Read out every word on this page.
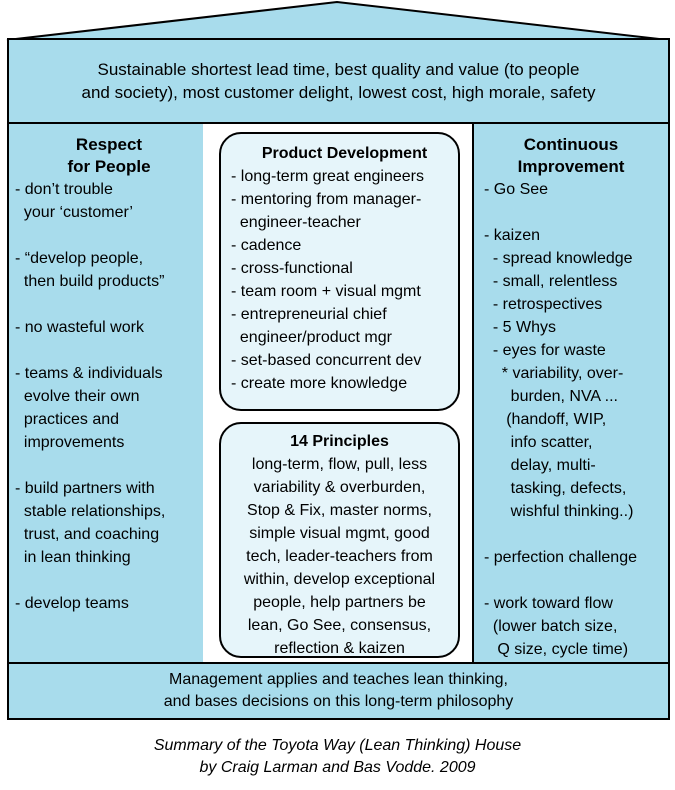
Sustainable shortest lead time, best quality and value (to people
and society), most customer delight, lowest cost, high morale, safety
Respect
for People
- don’t trouble
your ‘customer’
- “develop people,
then build products”
- no wasteful work
- teams & individuals
evolve their own
practices and
improvements
- build partners with
stable relationships,
trust, and coaching
in lean thinking
- develop teams
Product Development
- long-term great engineers
- mentoring from manager-
engineer-teacher
- cadence
- cross-functional
- team room + visual mgmt
- entrepreneurial chief
engineer/product mgr
- set-based concurrent dev
- create more knowledge
14 Principles
long-term, flow, pull, less
variability & overburden,
Stop & Fix, master norms,
simple visual mgmt, good
tech, leader-teachers from
within, develop exceptional
people, help partners be
lean, Go See, consensus,
reflection & kaizen
Continuous
Improvement
- Go See
- kaizen
- spread knowledge
- small, relentless
- retrospectives
- 5 Whys
- eyes for waste
* variability, over-
burden, NVA ...
(handoff, WIP,
info scatter,
delay, multi-
tasking, defects,
wishful thinking..)
- perfection challenge
- work toward flow
(lower batch size,
Q size, cycle time)
Management applies and teaches lean thinking,
and bases decisions on this long-term philosophy
Summary of the Toyota Way (Lean Thinking) House
by Craig Larman and Bas Vodde. 2009
